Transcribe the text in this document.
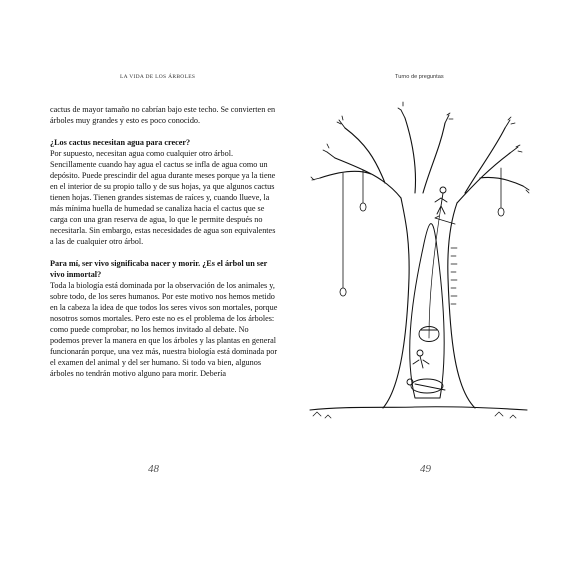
LA VIDA DE LOS ÁRBOLES

cactus de mayor tamaño no cabrían bajo este techo. Se convierten en árboles muy grandes y esto es poco conocido.

¿Los cactus necesitan agua para crecer?

Por supuesto, necesitan agua como cualquier otro árbol. Sencillamente cuando hay agua el cactus se infla de agua como un depósito. Puede prescindir del agua durante meses porque ya la tiene en el interior de su propio tallo y de sus hojas, ya que algunos cactus tienen hojas. Tienen grandes sistemas de raíces y, cuando llueve, la más mínima huella de humedad se canaliza hacia el cactus que se carga con una gran reserva de agua, lo que le permite después no necesitarla. Sin embargo, estas necesidades de agua son equivalentes a las de cualquier otro árbol.

Para mí, ser vivo significaba nacer y morir. ¿Es el árbol un ser vivo inmortal?

Toda la biología está dominada por la observación de los animales y, sobre todo, de los seres humanos. Por este motivo nos hemos metido en la cabeza la idea de que todos los seres vivos son mortales, porque nosotros somos mortales. Pero este no es el problema de los árboles: como puede comprobar, no los hemos invitado al debate. No podemos prever la manera en que los árboles y las plantas en general funcionarán porque, una vez más, nuestra biología está dominada por el examen del animal y del ser humano. Si todo va bien, algunos árboles no tendrán motivo alguno para morir. Debería

48
Turno de preguntas
49
